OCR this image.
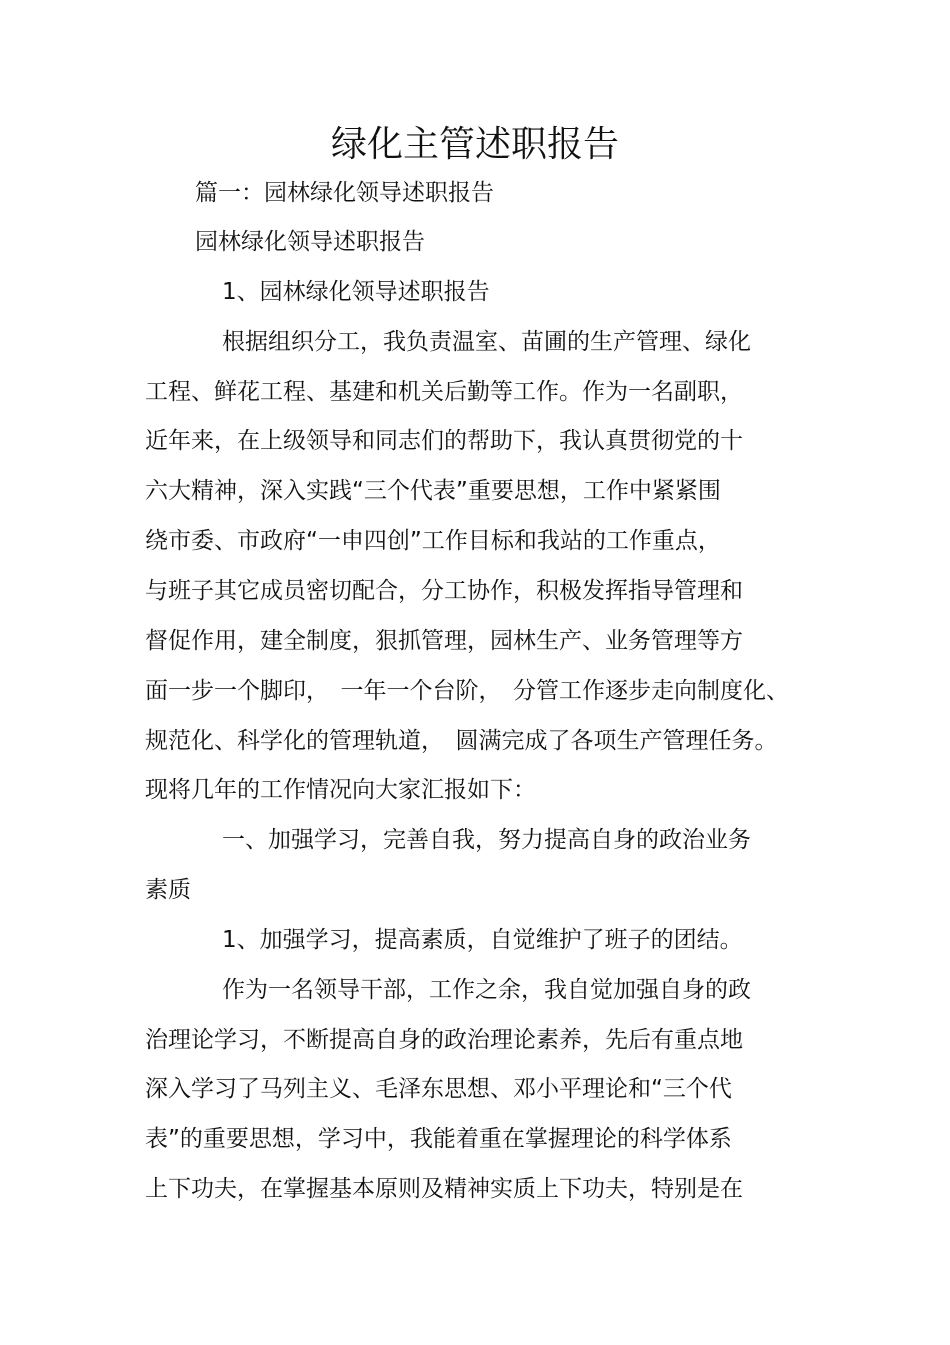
绿化主管述职报告
篇一：园林绿化领导述职报告
园林绿化领导述职报告
1、园林绿化领导述职报告
根据组织分工，我负责温室、苗圃的生产管理、绿化
工程、鲜花工程、基建和机关后勤等工作。作为一名副职，
近年来，在上级领导和同志们的帮助下，我认真贯彻党的十
六大精神，深入实践“三个代表”重要思想，工作中紧紧围
绕市委、市政府“一申四创”工作目标和我站的工作重点，
与班子其它成员密切配合，分工协作，积极发挥指导管理和
督促作用，建全制度，狠抓管理，园林生产、业务管理等方
面一步一个脚印，　一年一个台阶，　分管工作逐步走向制度化、
规范化、科学化的管理轨道，　圆满完成了各项生产管理任务。
现将几年的工作情况向大家汇报如下：
一、加强学习，完善自我，努力提高自身的政治业务
素质
1、加强学习，提高素质，自觉维护了班子的团结。
作为一名领导干部，工作之余，我自觉加强自身的政
治理论学习，不断提高自身的政治理论素养，先后有重点地
深入学习了马列主义、毛泽东思想、邓小平理论和“三个代
表”的重要思想，学习中，我能着重在掌握理论的科学体系
上下功夫，在掌握基本原则及精神实质上下功夫，特别是在
